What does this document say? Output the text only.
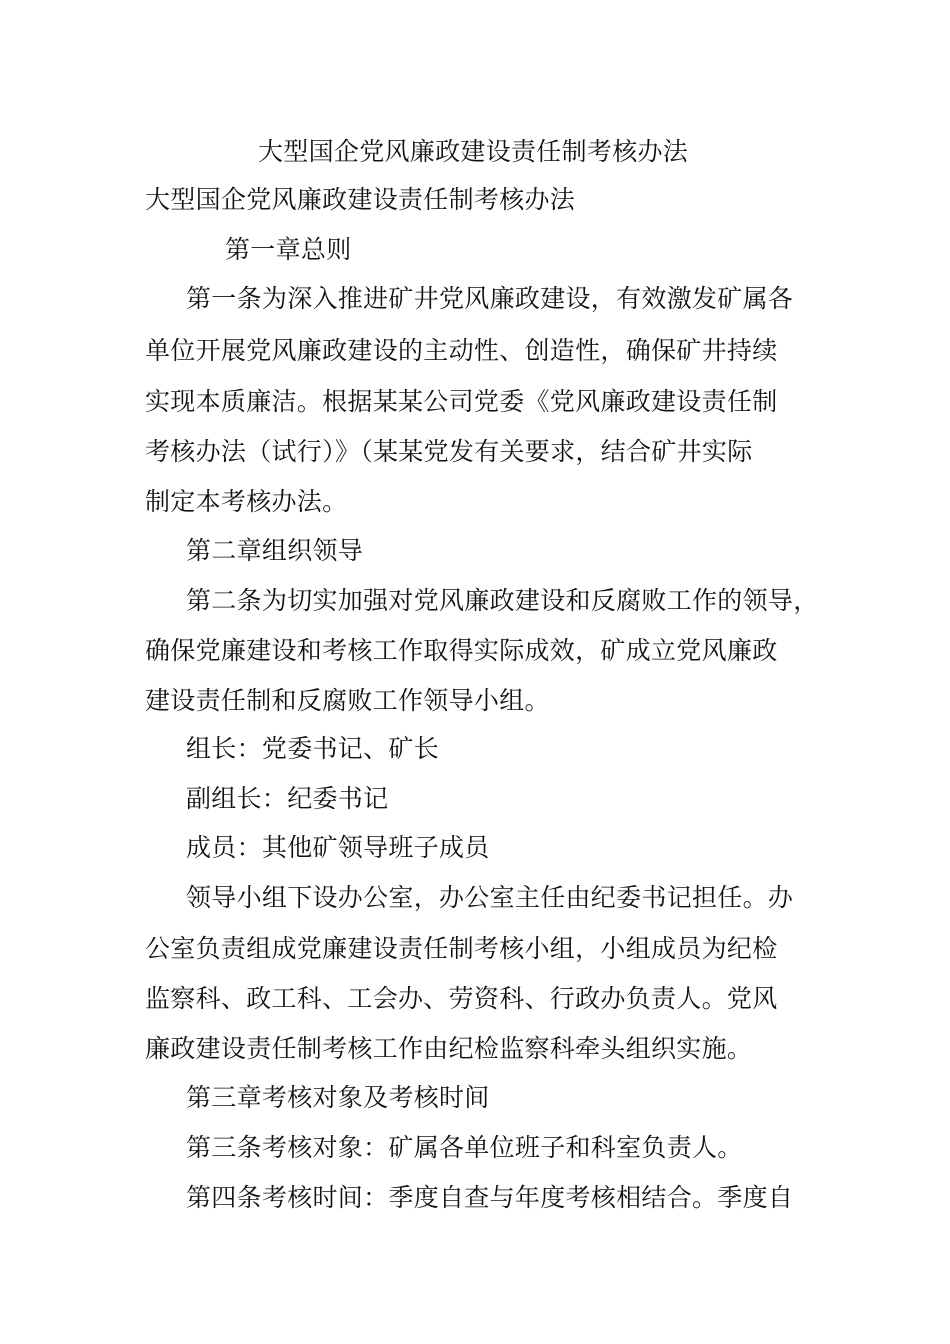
大型国企党风廉政建设责任制考核办法
大型国企党风廉政建设责任制考核办法
第一章总则
第一条为深入推进矿井党风廉政建设，有效激发矿属各
单位开展党风廉政建设的主动性、创造性，确保矿井持续
实现本质廉洁。根据某某公司党委《党风廉政建设责任制
考核办法（试行）》（某某党发有关要求，结合矿井实际
制定本考核办法。
第二章组织领导
第二条为切实加强对党风廉政建设和反腐败工作的领导，
确保党廉建设和考核工作取得实际成效，矿成立党风廉政
建设责任制和反腐败工作领导小组。
组长：党委书记、矿长
副组长：纪委书记
成员：其他矿领导班子成员
领导小组下设办公室，办公室主任由纪委书记担任。办
公室负责组成党廉建设责任制考核小组，小组成员为纪检
监察科、政工科、工会办、劳资科、行政办负责人。党风
廉政建设责任制考核工作由纪检监察科牵头组织实施。
第三章考核对象及考核时间
第三条考核对象：矿属各单位班子和科室负责人。
第四条考核时间：季度自查与年度考核相结合。季度自
